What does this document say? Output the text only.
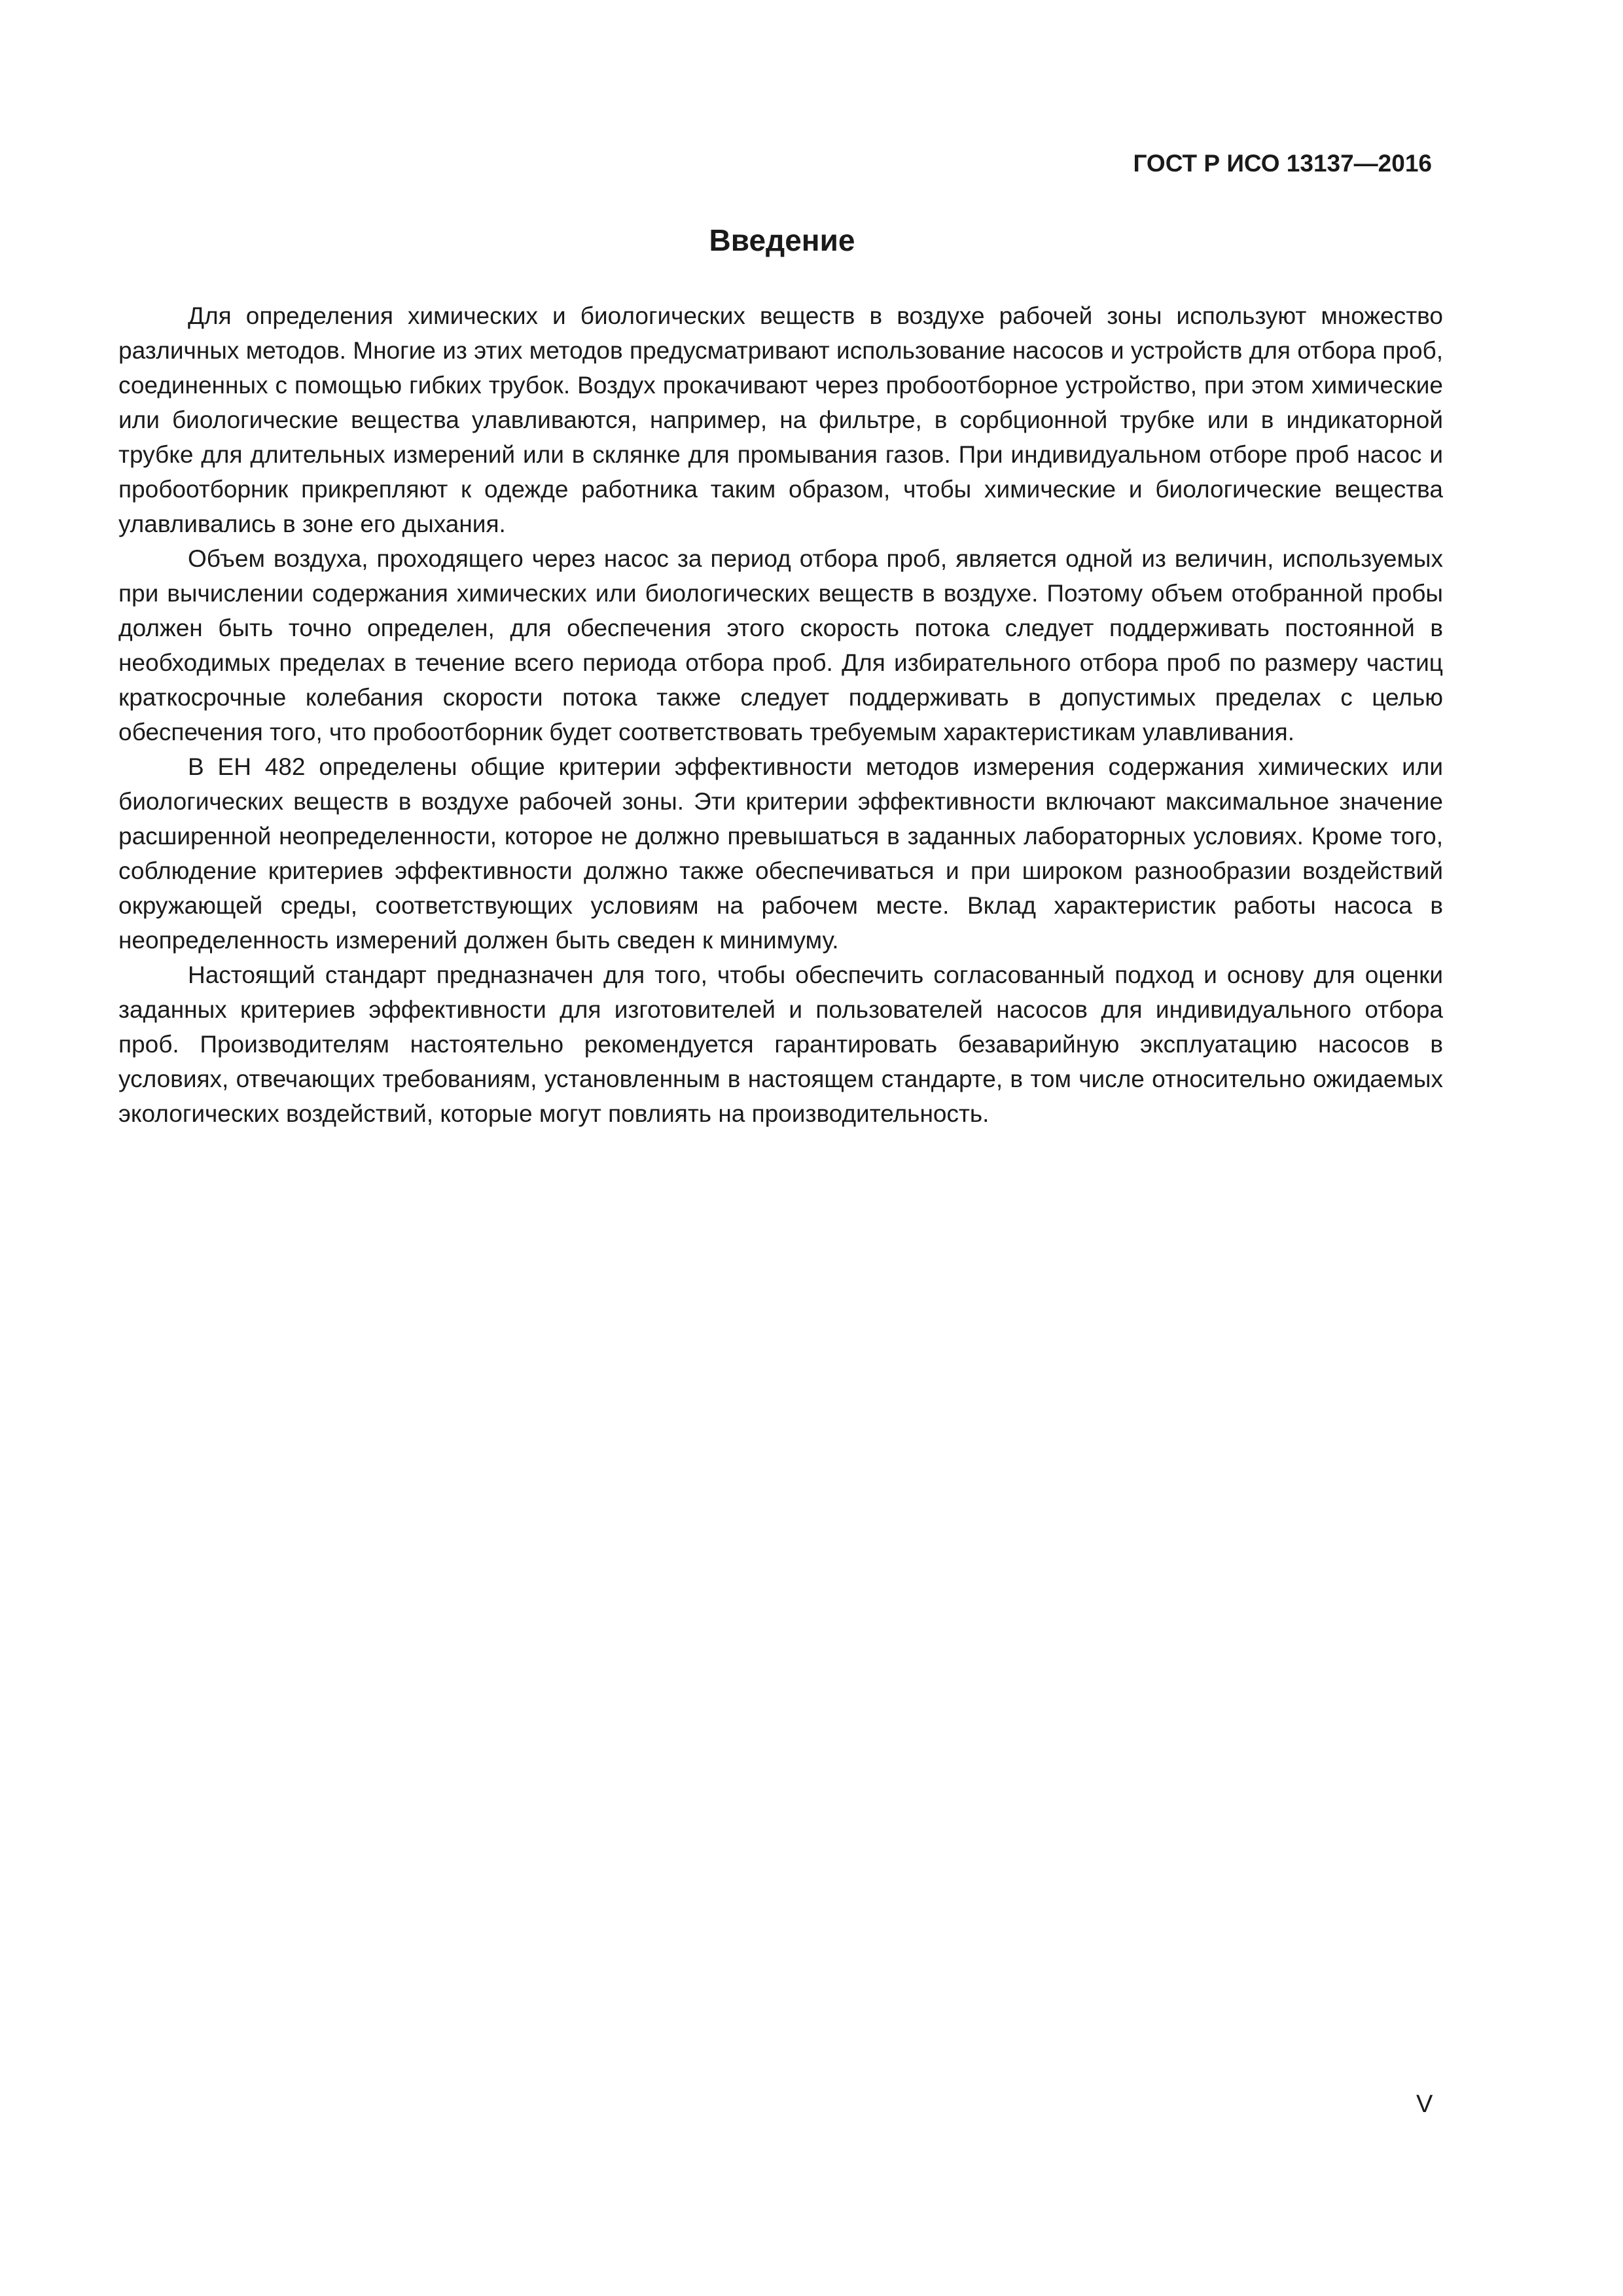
ГОСТ Р ИСО 13137—2016
Введение

Для определения химических и биологических веществ в воздухе рабочей зоны используют множество различных методов. Многие из этих методов предусматривают использование насосов и устройств для отбора проб, соединенных с помощью гибких трубок. Воздух прокачивают через пробоотборное устройство, при этом химические или биологические вещества улавливаются, например, на фильтре, в сорбционной трубке или в индикаторной трубке для длительных измерений или в склянке для промывания газов. При индивидуальном отборе проб насос и пробоотборник прикрепляют к одежде работника таким образом, чтобы химические и биологические вещества улавливались в зоне его дыхания.

Объем воздуха, проходящего через насос за период отбора проб, является одной из величин, используемых при вычислении содержания химических или биологических веществ в воздухе. Поэтому объем отобранной пробы должен быть точно определен, для обеспечения этого скорость потока следует поддерживать постоянной в необходимых пределах в течение всего периода отбора проб. Для избирательного отбора проб по размеру частиц краткосрочные колебания скорости потока также следует поддерживать в допустимых пределах с целью обеспечения того, что пробоотборник будет соответствовать требуемым характеристикам улавливания.

В ЕН 482 определены общие критерии эффективности методов измерения содержания химических или биологических веществ в воздухе рабочей зоны. Эти критерии эффективности включают максимальное значение расширенной неопределенности, которое не должно превышаться в заданных лабораторных условиях. Кроме того, соблюдение критериев эффективности должно также обеспечиваться и при широком разнообразии воздействий окружающей среды, соответствующих условиям на рабочем месте. Вклад характеристик работы насоса в неопределенность измерений должен быть сведен к минимуму.

Настоящий стандарт предназначен для того, чтобы обеспечить согласованный подход и основу для оценки заданных критериев эффективности для изготовителей и пользователей насосов для индивидуального отбора проб. Производителям настоятельно рекомендуется гарантировать безаварийную эксплуатацию насосов в условиях, отвечающих требованиям, установленным в настоящем стандарте, в том числе относительно ожидаемых экологических воздействий, которые могут повлиять на производительность.

V
